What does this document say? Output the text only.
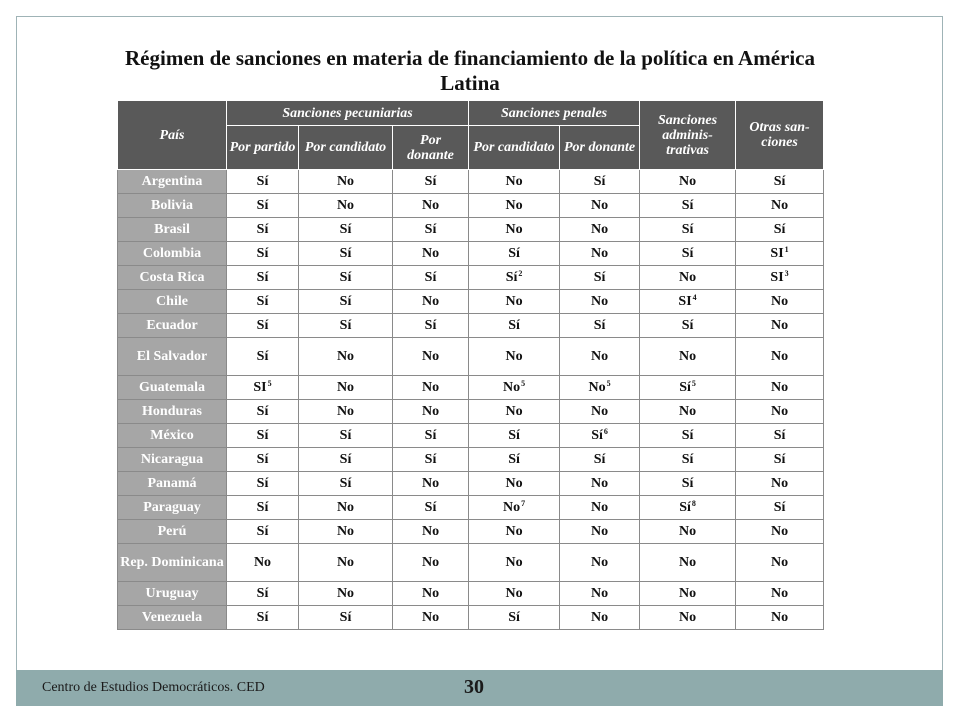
Régimen de sanciones en materia de financiamiento de la política en América Latina
País	Sanciones pecuniarias			Sanciones penales		Sanciones adminis-trativas	Otras san-ciones
	Por partido	Por candidato	Por donante	Por candidato	Por donante		
Argentina	Sí	No	Sí	No	Sí	No	Sí
Bolivia	Sí	No	No	No	No	Sí	No
Brasil	Sí	Sí	Sí	No	No	Sí	Sí
Colombia	Sí	Sí	No	Sí	No	Sí	SI$^1$
Costa Rica	Sí	Sí	Sí	Sí$^2$	Sí	No	SI$^3$
Chile	Sí	Sí	No	No	No	SI$^4$	No
Ecuador	Sí	Sí	Sí	Sí	Sí	Sí	No
El Salvador	Sí	No	No	No	No	No	No
Guatemala	SI$^5$	No	No	No$^5$	No$^5$	Sí$^5$	No
Honduras	Sí	No	No	No	No	No	No
México	Sí	Sí	Sí	Sí	Sí$^6$	Sí	Sí
Nicaragua	Sí	Sí	Sí	Sí	Sí	Sí	Sí
Panamá	Sí	Sí	No	No	No	Sí	No
Paraguay	Sí	No	Sí	No$^7$	No	Sí$^8$	Sí
Perú	Sí	No	No	No	No	No	No
Rep. Dominicana	No	No	No	No	No	No	No
Uruguay	Sí	No	No	No	No	No	No
Venezuela	Sí	Sí	No	Sí	No	No	No
Centro de Estudios Democráticos. CED	30
